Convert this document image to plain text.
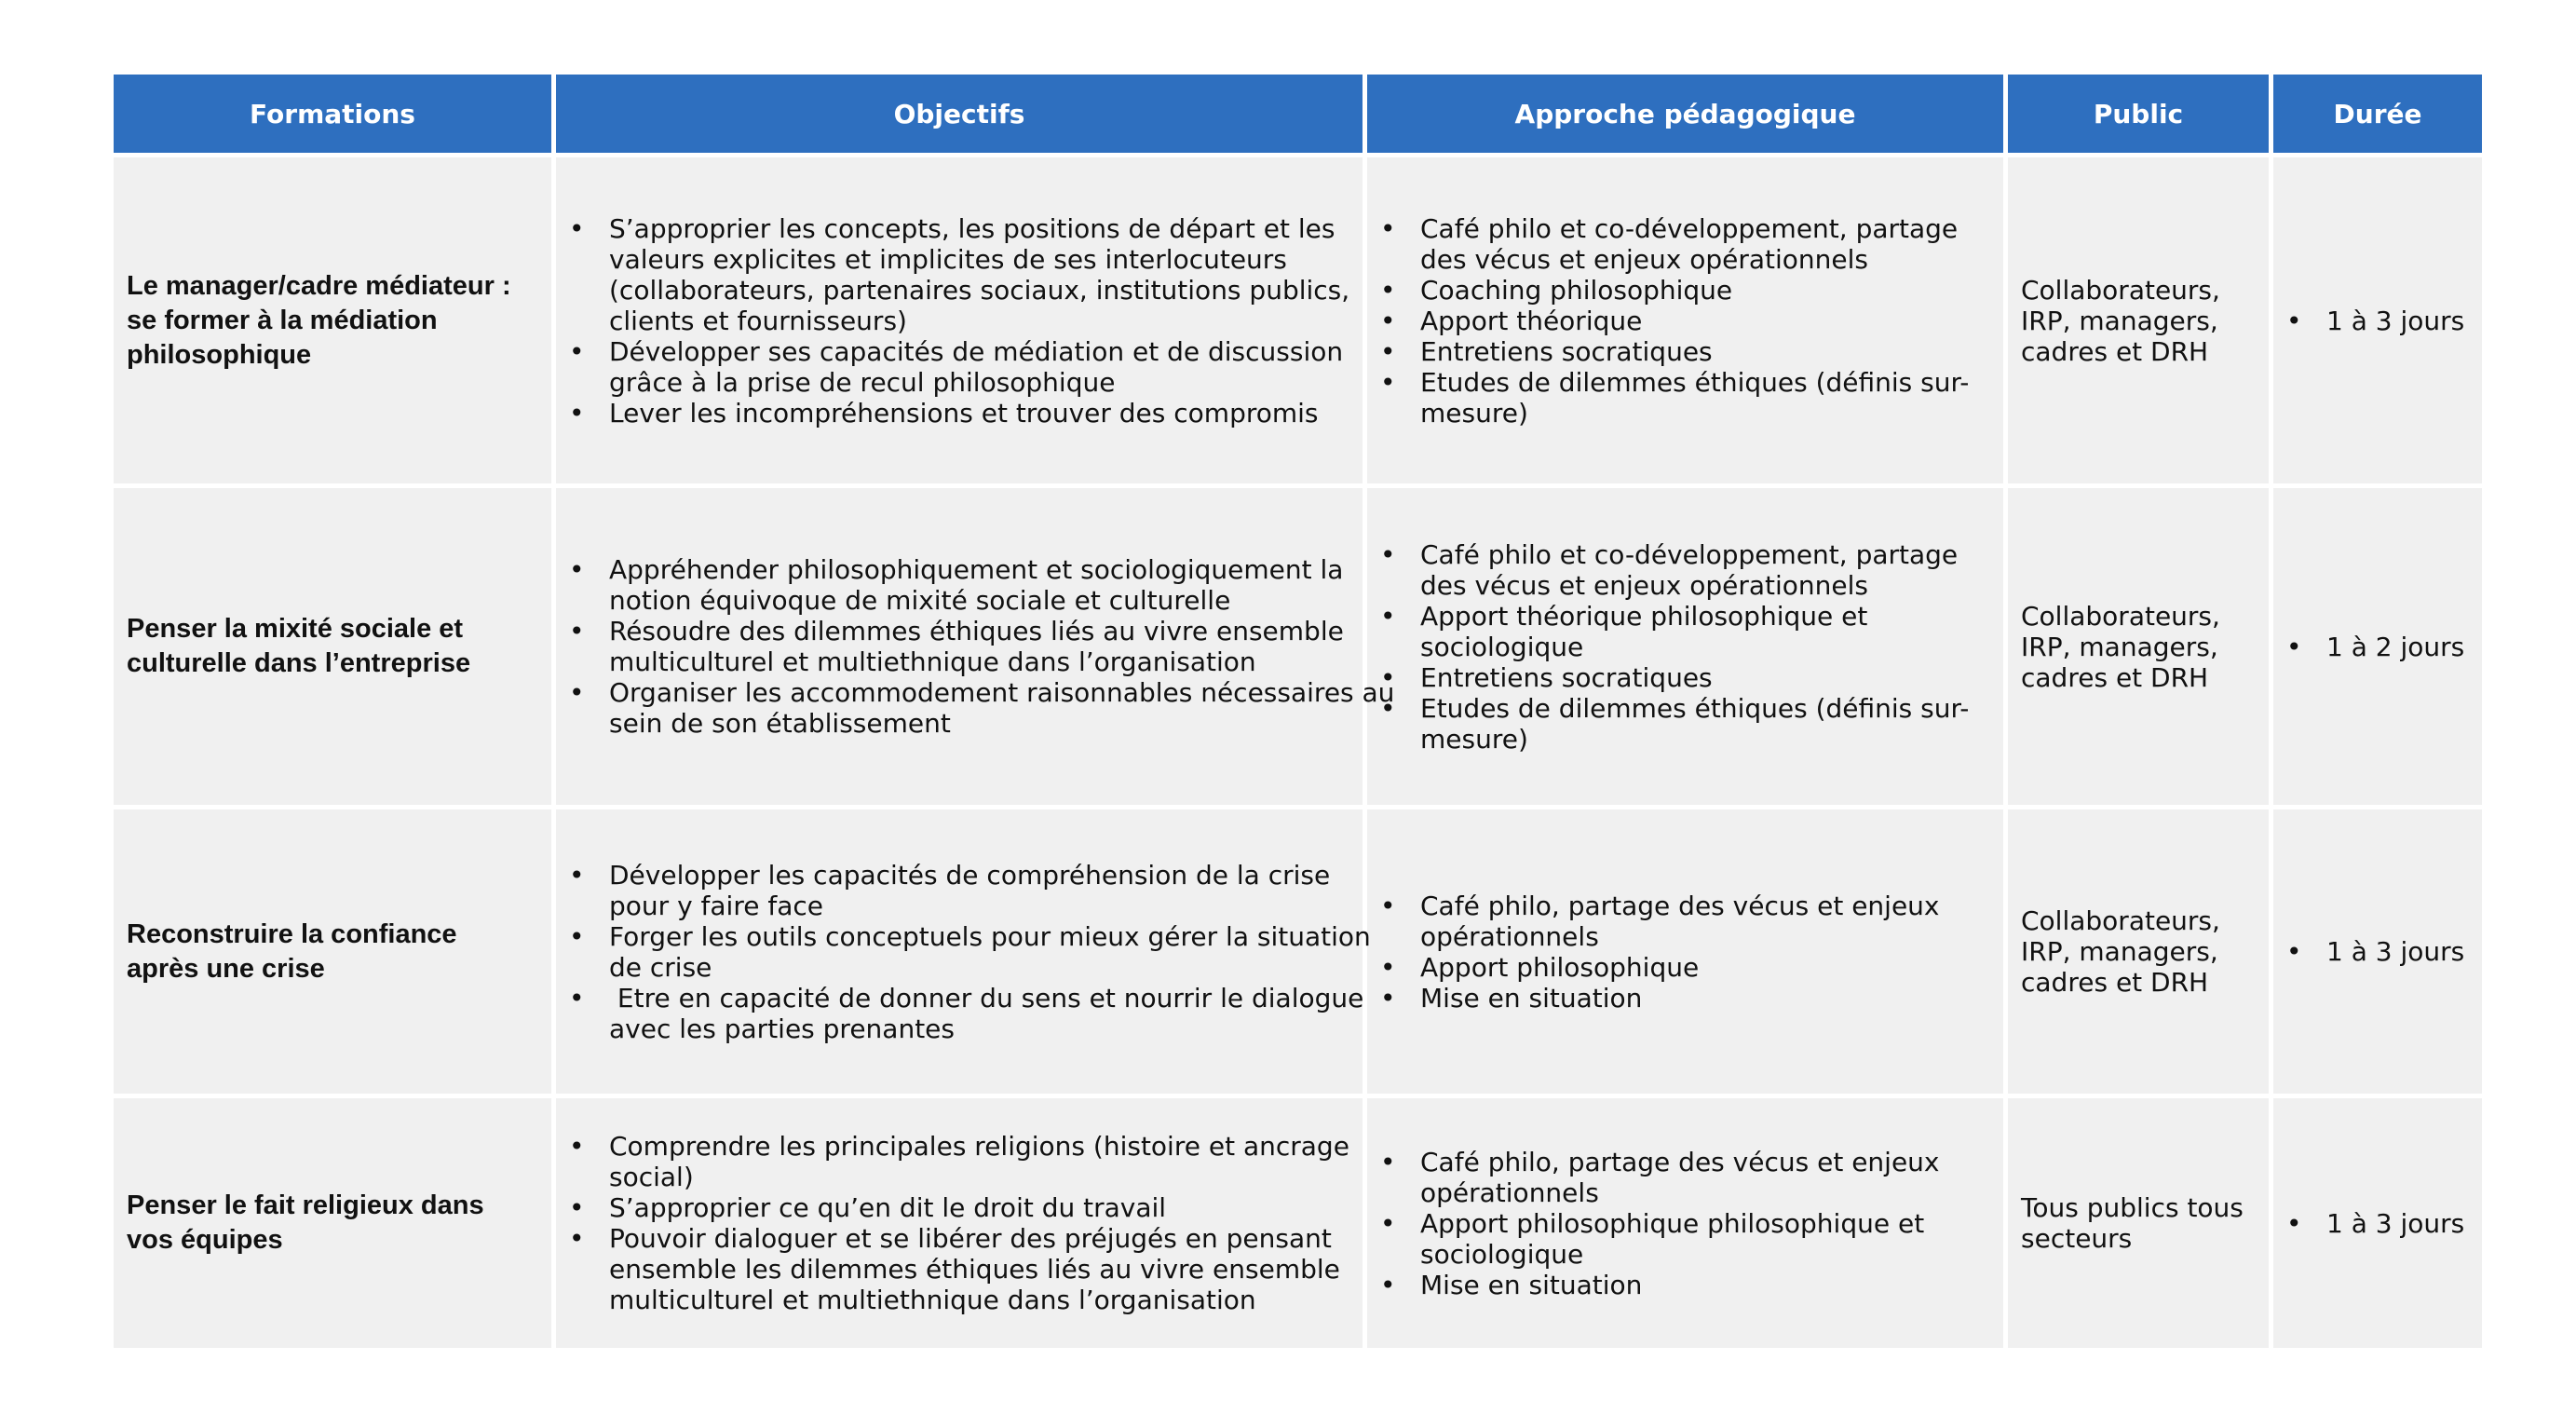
Formations	Objectifs	Approche pédagogique	Public	Durée
Le manager/cadre médiateur :
se former à la médiation
philosophique
• S’approprier les concepts, les positions de départ et les
valeurs explicites et implicites de ses interlocuteurs
(collaborateurs, partenaires sociaux, institutions publics,
clients et fournisseurs)
• Développer ses capacités de médiation et de discussion
grâce à la prise de recul philosophique
• Lever les incompréhensions et trouver des compromis
• Café philo et co-développement, partage
des vécus et enjeux opérationnels
• Coaching philosophique
• Apport théorique
• Entretiens socratiques
• Etudes de dilemmes éthiques (définis sur-
mesure)
Collaborateurs,
IRP, managers,
cadres et DRH
• 1 à 3 jours
Penser la mixité sociale et
culturelle dans l’entreprise
• Appréhender philosophiquement et sociologiquement la
notion équivoque de mixité sociale et culturelle
• Résoudre des dilemmes éthiques liés au vivre ensemble
multiculturel et multiethnique dans l’organisation
• Organiser les accommodement raisonnables nécessaires au
sein de son établissement
• Café philo et co-développement, partage
des vécus et enjeux opérationnels
• Apport théorique philosophique et
sociologique
• Entretiens socratiques
• Etudes de dilemmes éthiques (définis sur-
mesure)
Collaborateurs,
IRP, managers,
cadres et DRH
• 1 à 2 jours
Reconstruire la confiance
après une crise
• Développer les capacités de compréhension de la crise
pour y faire face
• Forger les outils conceptuels pour mieux gérer la situation
de crise
•  Etre en capacité de donner du sens et nourrir le dialogue
avec les parties prenantes
• Café philo, partage des vécus et enjeux
opérationnels
• Apport philosophique
• Mise en situation
Collaborateurs,
IRP, managers,
cadres et DRH
• 1 à 3 jours
Penser le fait religieux dans
vos équipes
• Comprendre les principales religions (histoire et ancrage
social)
• S’approprier ce qu’en dit le droit du travail
• Pouvoir dialoguer et se libérer des préjugés en pensant
ensemble les dilemmes éthiques liés au vivre ensemble
multiculturel et multiethnique dans l’organisation
• Café philo, partage des vécus et enjeux
opérationnels
• Apport philosophique philosophique et
sociologique
• Mise en situation
Tous publics tous
secteurs
•	1 à 3 jours
